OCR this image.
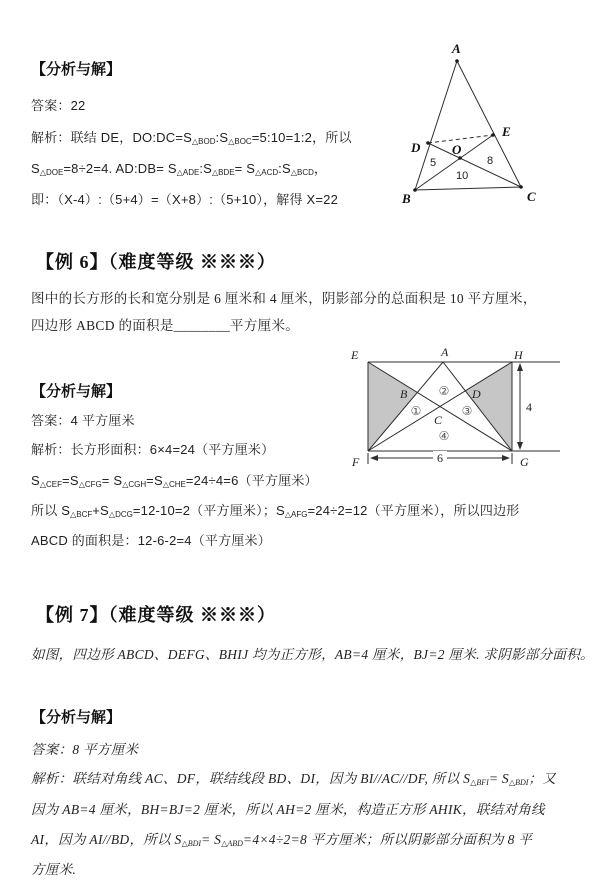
【分析与解】
答案：22
解析：联结 DE，$DO:DC=S_{\triangle BOD}:S_{\triangle BOC}=5:10=1:2$，所以
$S_{\triangle DOE}=8\div 2=4$. AD:DB= $S_{\triangle ADE}:S_{\triangle BDE}=$ $S_{\triangle ACD}:S_{\triangle BCD}$，
即：（X-4）:（5+4）=（X+8）:（5+10），解得 X=22
A
B	C
D
E
O
5	8
10
【例 6】（难度等级 ※※※）
图中的长方形的长和宽分别是 6 厘米和 4 厘米，阴影部分的总面积是 10 平方厘米，
四边形 ABCD 的面积是________平方厘米。
4
6
E	A	H
F	G
B
C
D
①
②
③
④
【分析与解】
答案：4 平方厘米
解析：长方形面积：6×4=24（平方厘米）
$S_{\triangle CEF}=S_{\triangle CFG}= S_{\triangle CGH}=S_{\triangle CHE}=24\div 4=6$（平方厘米）
所以 $S_{\triangle BCF}+S_{\triangle DCG}=12-10=2$（平方厘米）；$S_{\triangle AFG}=24\div 2=12$（平方厘米），所以四边形
ABCD 的面积是：12-6-2=4（平方厘米）
【例 7】（难度等级 ※※※）
如图，四边形 ABCD、DEFG、BHIJ 均为正方形，AB=4 厘米，BJ=2 厘米. 求阴影部分面积。
【分析与解】
答案：8 平方厘米
解析：联结对角线 AC、DF，联结线段 BD、DI，因为 BI//AC//DF, 所以 $S_{\triangle BFI}= S_{\triangle BDI}$；又
因为 AB=4 厘米，BH=BJ=2 厘米，所以 AH=2 厘米，构造正方形 AHIK，联结对角线
AI，因为 AI//BD，所以 $S_{\triangle BDI}= S_{\triangle ABD}=4\times 4\div 2=8$ 平方厘米；所以阴影部分面积为 8 平
方厘米.
